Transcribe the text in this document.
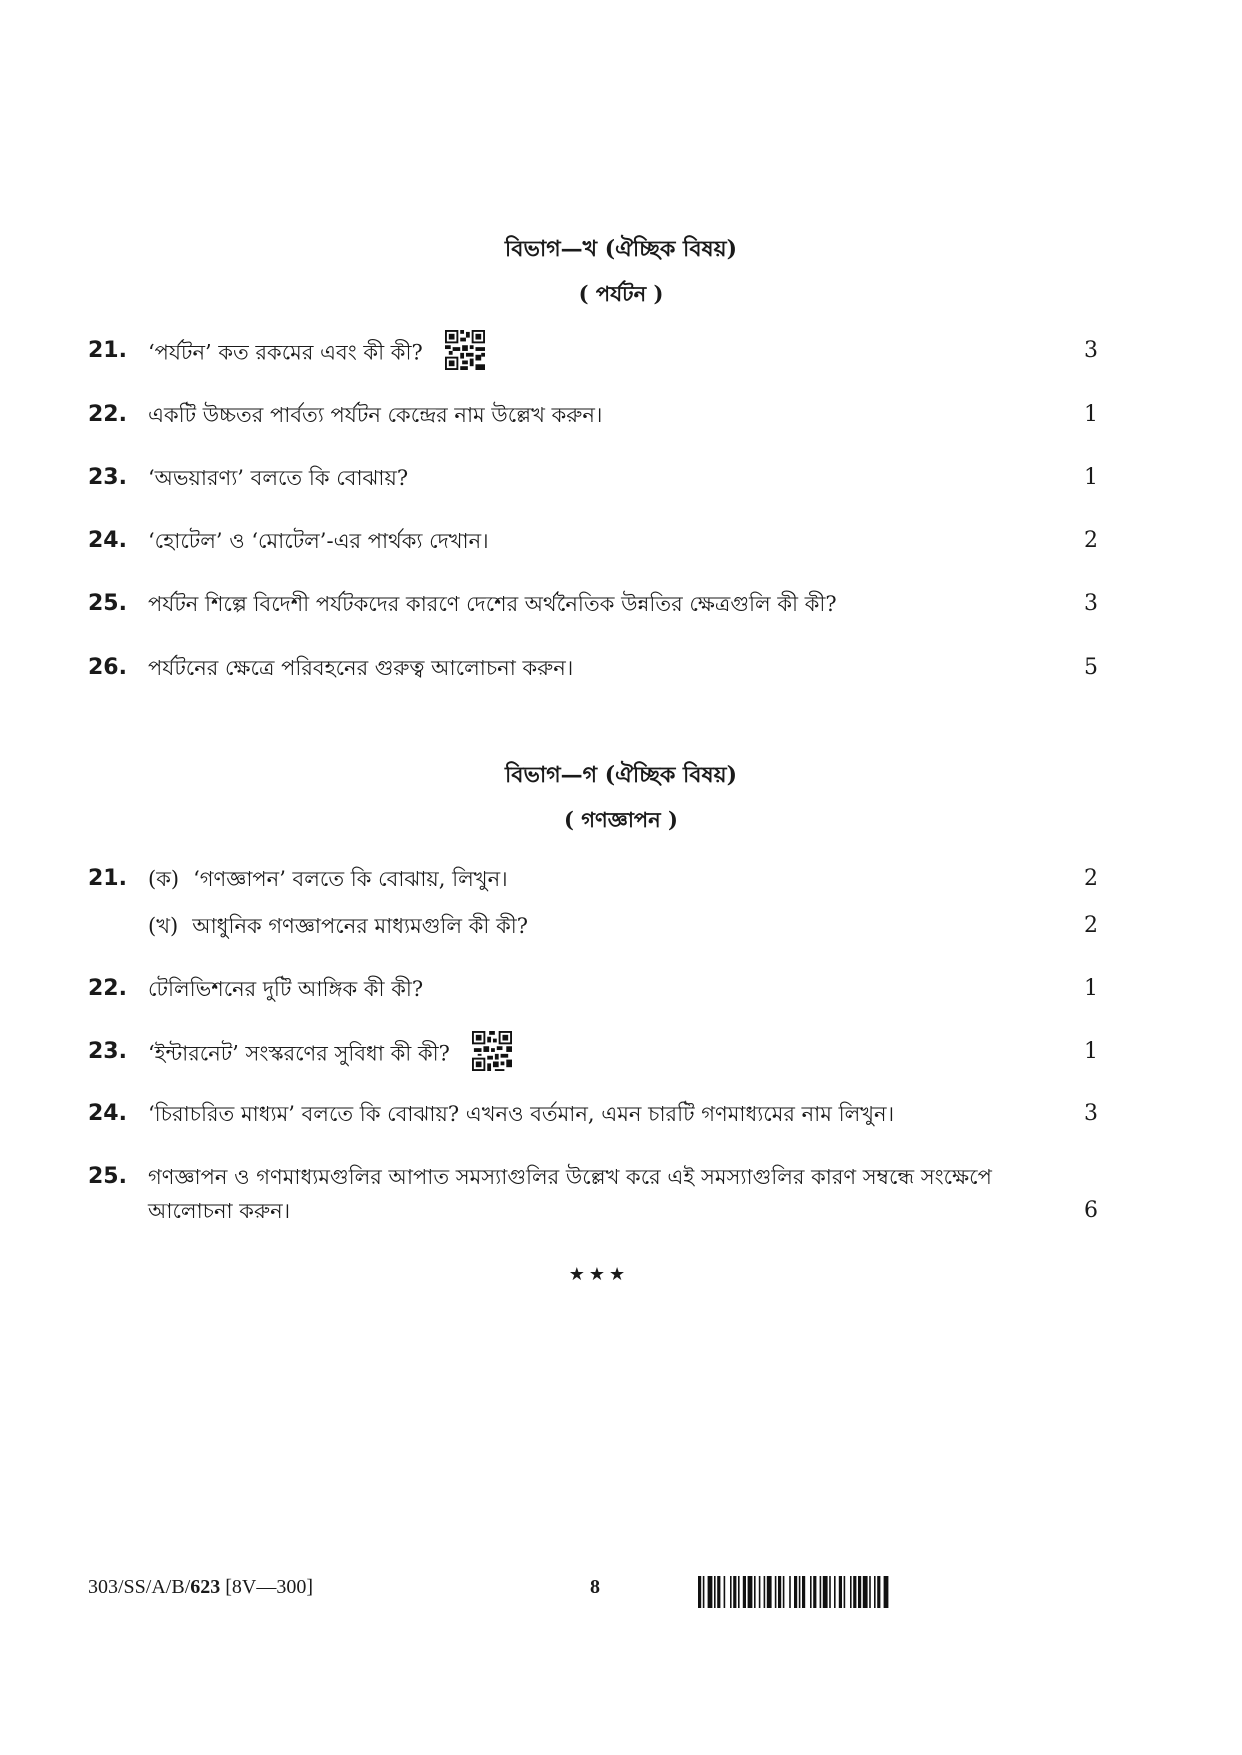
বিভাগ—খ (ঐচ্ছিক বিষয়)
( পর্যটন )
21.	‘পর্যটন’ কত রকমের এবং কী কী?	3
22.	একটি উচ্চতর পার্বত্য পর্যটন কেন্দ্রের নাম উল্লেখ করুন।	1
23.	‘অভয়ারণ্য’ বলতে কি বোঝায়?	1
24.	‘হোটেল’ ও ‘মোটেল’-এর পার্থক্য দেখান।	2
25.	পর্যটন শিল্পে বিদেশী পর্যটকদের কারণে দেশের অর্থনৈতিক উন্নতির ক্ষেত্রগুলি কী কী?	3
26.	পর্যটনের ক্ষেত্রে পরিবহনের গুরুত্ব আলোচনা করুন।	5
বিভাগ—গ (ঐচ্ছিক বিষয়)
( গণজ্ঞাপন )
21.	(ক) ‘গণজ্ঞাপন’ বলতে কি বোঝায়, লিখুন।	2
(খ) আধুনিক গণজ্ঞাপনের মাধ্যমগুলি কী কী?	2
22.	টেলিভিশনের দুটি আঙ্গিক কী কী?	1
23.	‘ইন্টারনেট’ সংস্করণের সুবিধা কী কী?	1
24.	‘চিরাচরিত মাধ্যম’ বলতে কি বোঝায়? এখনও বর্তমান, এমন চারটি গণমাধ্যমের নাম লিখুন।	3
25.	গণজ্ঞাপন ও গণমাধ্যমগুলির আপাত সমস্যাগুলির উল্লেখ করে এই সমস্যাগুলির কারণ সম্বন্ধে সংক্ষেপে আলোচনা করুন।	6
★★★
303/SS/A/B/623 [8V—300]	8
